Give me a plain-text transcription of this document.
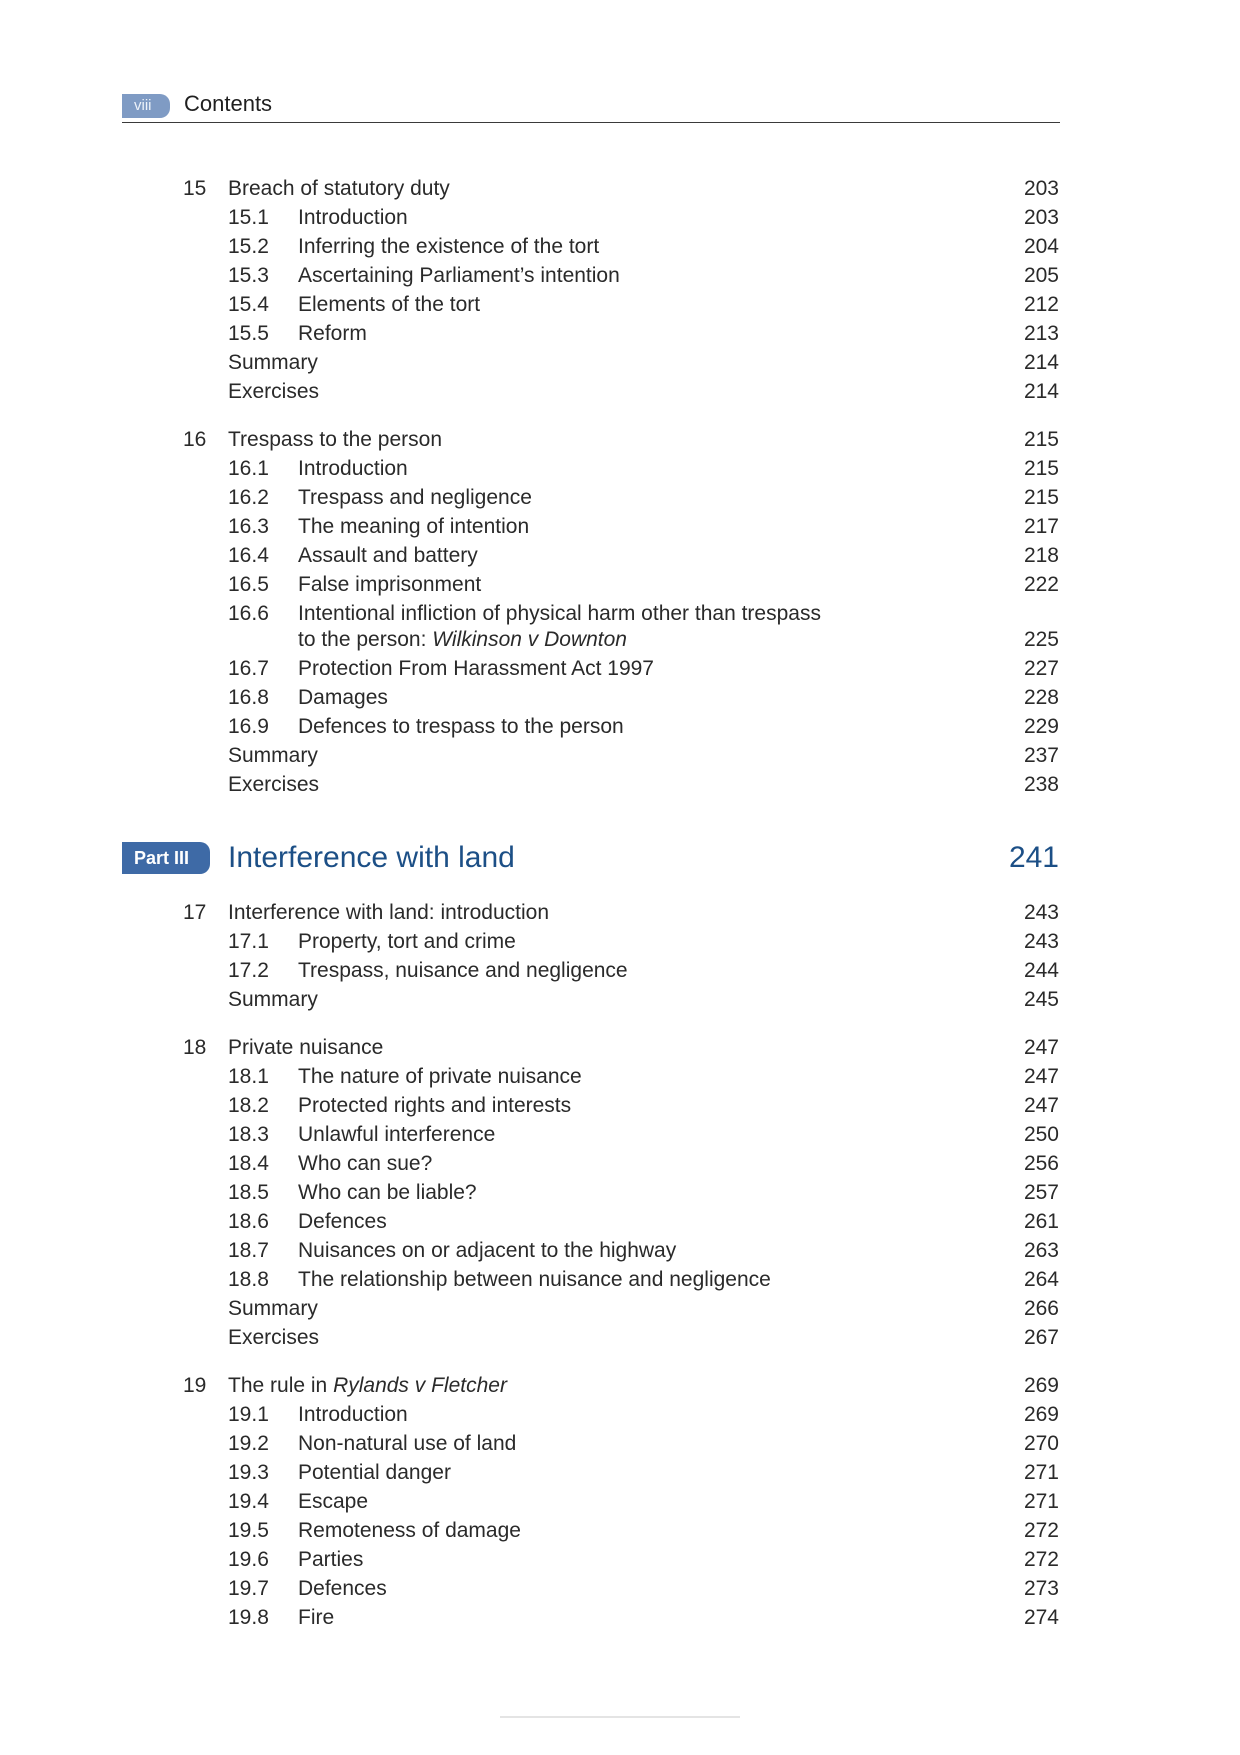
viii	Contents
15 Breach of statutory duty	203
15.1 Introduction	203
15.2 Inferring the existence of the tort	204
15.3 Ascertaining Parliament’s intention	205
15.4 Elements of the tort	212
15.5 Reform	213
Summary	214
Exercises	214
16 Trespass to the person	215
16.1 Introduction	215
16.2 Trespass and negligence	215
16.3 The meaning of intention	217
16.4 Assault and battery	218
16.5 False imprisonment	222
16.6 Intentional infliction of physical harm other than trespass
to the person: Wilkinson v Downton	225
16.7 Protection From Harassment Act 1997	227
16.8 Damages	228
16.9 Defences to trespass to the person	229
Summary	237
Exercises	238
Part III	Interference with land	241
17 Interference with land: introduction	243
17.1 Property, tort and crime	243
17.2 Trespass, nuisance and negligence	244
Summary	245
18 Private nuisance	247
18.1 The nature of private nuisance	247
18.2 Protected rights and interests	247
18.3 Unlawful interference	250
18.4 Who can sue?	256
18.5 Who can be liable?	257
18.6 Defences	261
18.7 Nuisances on or adjacent to the highway	263
18.8 The relationship between nuisance and negligence	264
Summary	266
Exercises	267
19 The rule in Rylands v Fletcher	269
19.1 Introduction	269
19.2 Non-natural use of land	270
19.3 Potential danger	271
19.4 Escape	271
19.5 Remoteness of damage	272
19.6 Parties	272
19.7 Defences	273
19.8 Fire	274
